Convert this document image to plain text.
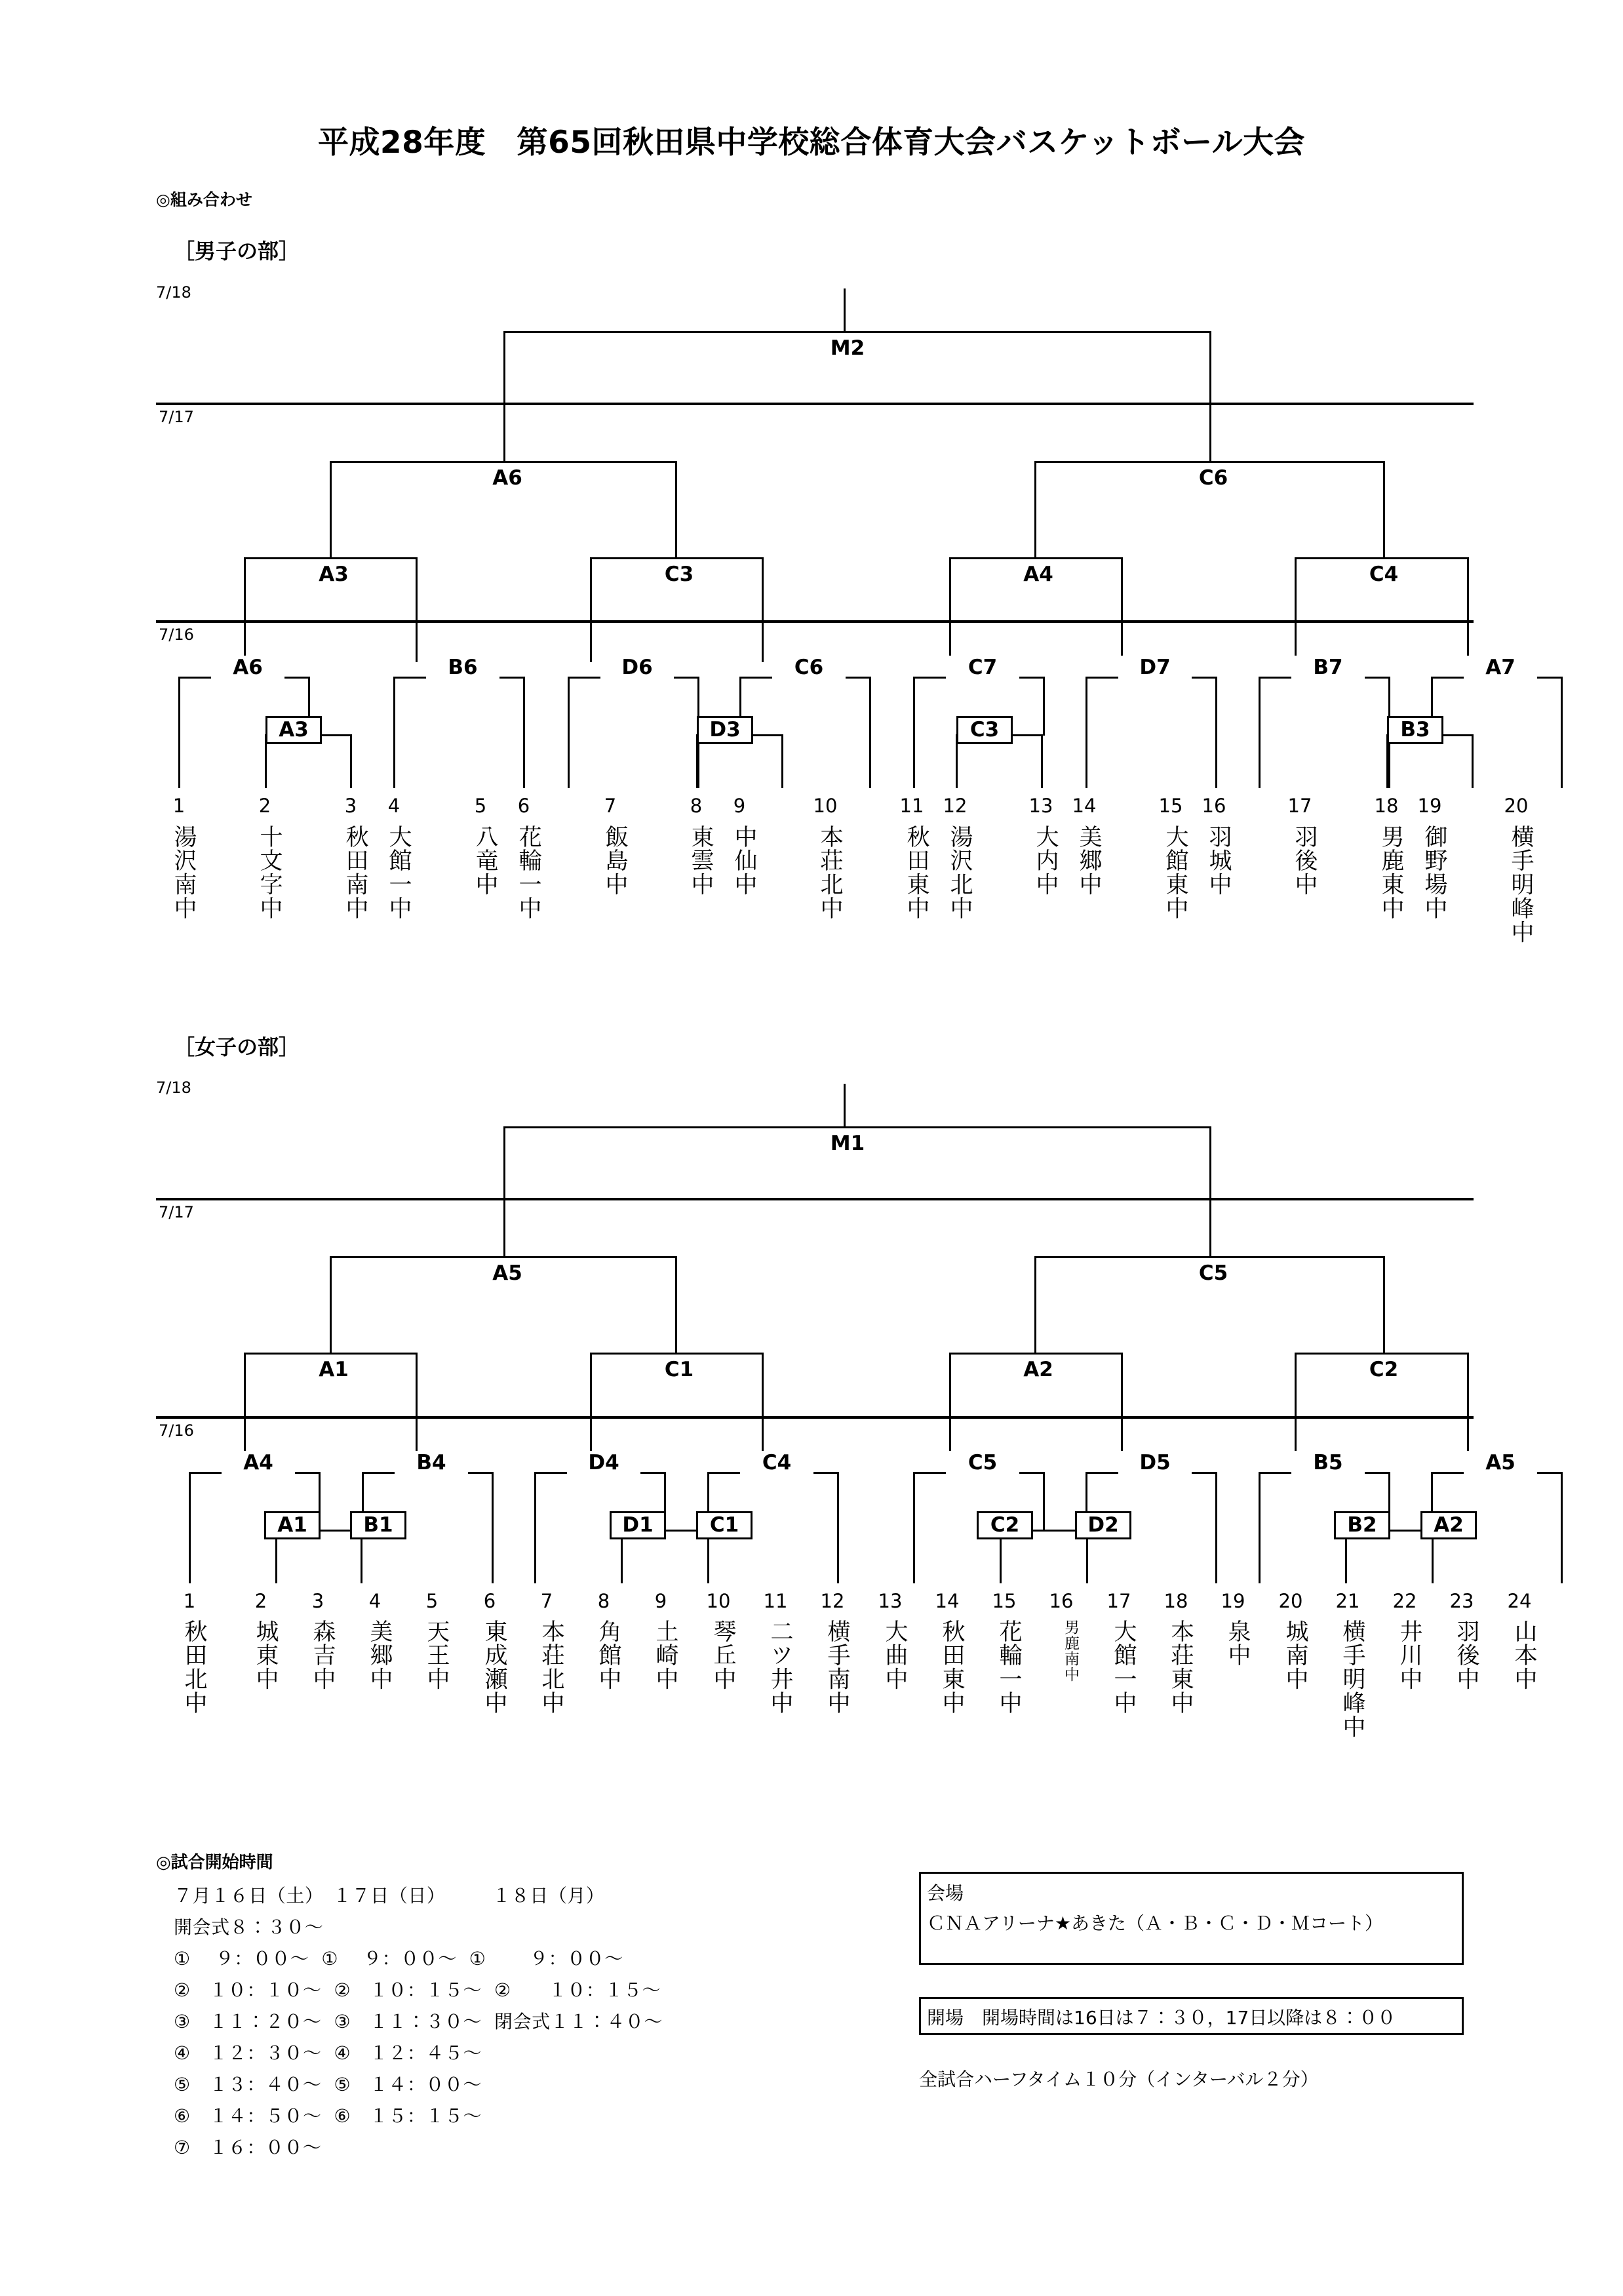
平成28年度　第65回秋田県中学校総合体育大会バスケットボール大会
◎組み合わせ
［男子の部］
7/18
M2
7/17
A6	C6
A3	C3	A4	C4
7/16
A6	B6	D6	C6	C7	D7	B7	A7
A3	D3	C3	B3
1
湯沢南中
2
十文字中
3
秋田南中
4
大館一中
5
八竜中
6
花輪一中
7
飯島中
8
東雲中
9
中仙中
10
本荘北中
11
秋田東中
12
湯沢北中
13
大内中
14
美郷中
15
大館東中
16
羽城中
17
羽後中
18
男鹿東中
19
御野場中
20
横手明峰中
［女子の部］
7/18
M1
7/17
A5	C5
A1	C1	A2	C2
7/16
A4	B4	D4	C4	C5	D5	B5	A5
A1	B1	D1	C1	C2	D2	B2	A2
1
秋田北中
2
城東中
3
森吉中
4
美郷中
5
天王中
6
東成瀬中
7
本荘北中
8
角館中
9
土崎中
10
琴丘中
11
二ツ井中
12
横手南中
13
大曲中
14
秋田東中
15
花輪一中
16
男鹿南中
17
大館一中
18
本荘東中
19
泉中
20
城南中
21
横手明峰中
22
井川中
23
羽後中
24
山本中
◎試合開始時間
７月１６日（土）　１７日（日）　　　１８日（月）
開会式８：３０〜
①　 ９：００〜  ①　 ９：００〜  ①　　 ９：００〜
②　１０：１０〜  ②　１０：１５〜  ②　　１０：１５〜
③　１１：２０〜  ③　１１：３０〜  閉会式１１：４０〜
④　１２：３０〜  ④　１２：４５〜
⑤　１３：４０〜  ⑤　１４：００〜
⑥　１４：５０〜  ⑥　１５：１５〜
⑦　１６：００〜
会場
ＣＮＡアリーナ★あきた（Ａ・Ｂ・Ｃ・Ｄ・Ｍコート）
開場　開場時間は16日は７：３０，17日以降は８：００
全試合ハーフタイム１０分（インターバル２分）
